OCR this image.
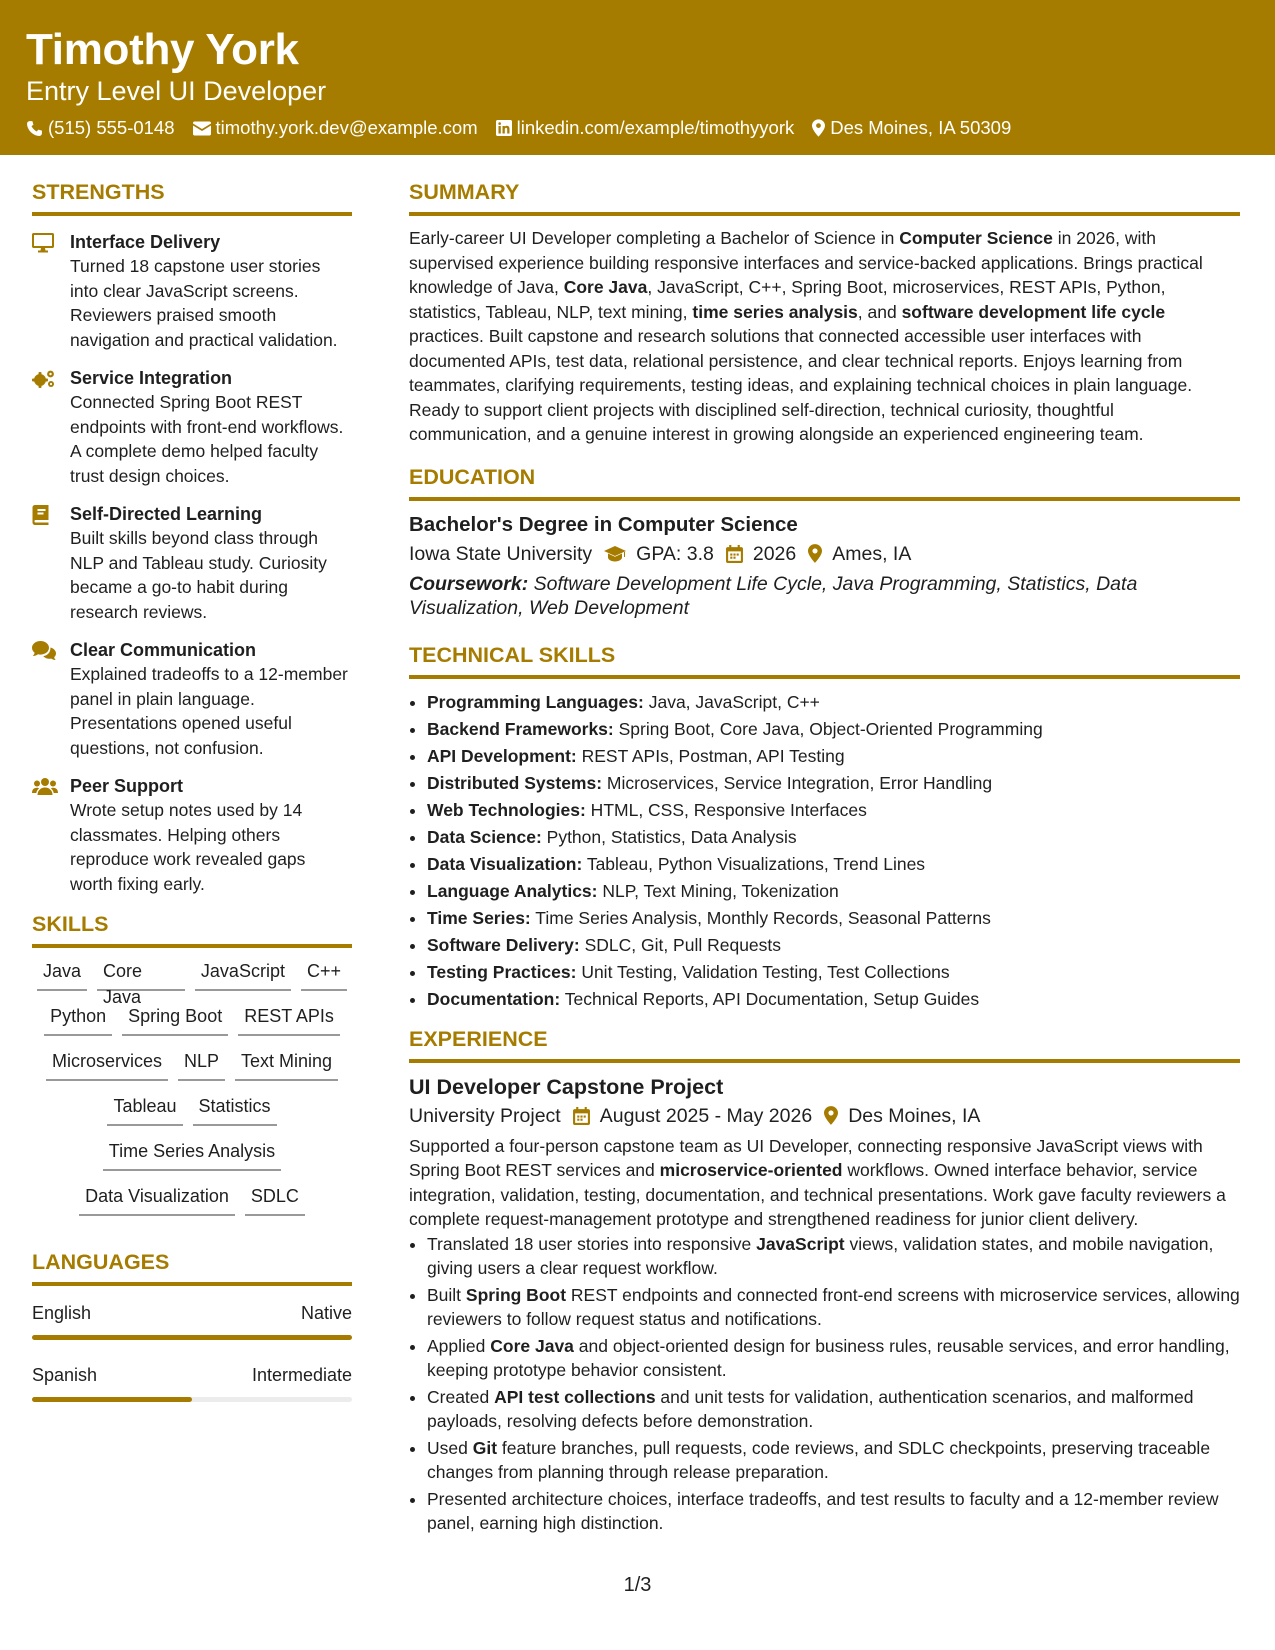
Timothy York
Entry Level UI Developer
(515) 555-0148 timothy.york.dev@example.com linkedin.com/example/timothyyork Des Moines, IA 50309
STRENGTHS
Interface Delivery
Turned 18 capstone user stories into clear JavaScript screens. Reviewers praised smooth navigation and practical validation.
Service Integration
Connected Spring Boot REST endpoints with front-end workflows. A complete demo helped faculty trust design choices.
Self-Directed Learning
Built skills beyond class through NLP and Tableau study. Curiosity became a go-to habit during research reviews.
Clear Communication
Explained tradeoffs to a 12-member panel in plain language. Presentations opened useful questions, not confusion.
Peer Support
Wrote setup notes used by 14 classmates. Helping others reproduce work revealed gaps worth fixing early.
SKILLS
Java	Core Java
JavaScript	C++
Python	Spring Boot	REST APIs
Microservices	NLP	Text Mining
Tableau	Statistics
Time Series Analysis
Data Visualization	SDLC
LANGUAGES
English	Native
Spanish	Intermediate
SUMMARY

Early-career UI Developer completing a Bachelor of Science in Computer Science in 2026, with supervised experience building responsive interfaces and service-backed applications. Brings practical knowledge of Java, Core Java, JavaScript, C++, Spring Boot, microservices, REST APIs, Python, statistics, Tableau, NLP, text mining, time series analysis, and software development life cycle practices. Built capstone and research solutions that connected accessible user interfaces with documented APIs, test data, relational persistence, and clear technical reports. Enjoys learning from teammates, clarifying requirements, testing ideas, and explaining technical choices in plain language. Ready to support client projects with disciplined self-direction, technical curiosity, thoughtful communication, and a genuine interest in growing alongside an experienced engineering team.

EDUCATION
Bachelor's Degree in Computer Science
Iowa State University GPA: 3.8 2026 Ames, IA
Coursework: Software Development Life Cycle, Java Programming, Statistics, Data Visualization, Web Development
TECHNICAL SKILLS
• Programming Languages: Java, JavaScript, C++
• Backend Frameworks: Spring Boot, Core Java, Object-Oriented Programming
• API Development: REST APIs, Postman, API Testing
• Distributed Systems: Microservices, Service Integration, Error Handling
• Web Technologies: HTML, CSS, Responsive Interfaces
• Data Science: Python, Statistics, Data Analysis
• Data Visualization: Tableau, Python Visualizations, Trend Lines
• Language Analytics: NLP, Text Mining, Tokenization
• Time Series: Time Series Analysis, Monthly Records, Seasonal Patterns
• Software Delivery: SDLC, Git, Pull Requests
• Testing Practices: Unit Testing, Validation Testing, Test Collections
• Documentation: Technical Reports, API Documentation, Setup Guides
EXPERIENCE
UI Developer Capstone Project
University Project August 2025 - May 2026 Des Moines, IA

Supported a four-person capstone team as UI Developer, connecting responsive JavaScript views with Spring Boot REST services and microservice-oriented workflows. Owned interface behavior, service integration, validation, testing, documentation, and technical presentations. Work gave faculty reviewers a complete request-management prototype and strengthened readiness for junior client delivery.

• Translated 18 user stories into responsive JavaScript views, validation states, and mobile navigation, giving users a clear request workflow.
• Built Spring Boot REST endpoints and connected front-end screens with microservice services, allowing reviewers to follow request status and notifications.
• Applied Core Java and object-oriented design for business rules, reusable services, and error handling, keeping prototype behavior consistent.
• Created API test collections and unit tests for validation, authentication scenarios, and malformed payloads, resolving defects before demonstration.
• Used Git feature branches, pull requests, code reviews, and SDLC checkpoints, preserving traceable changes from planning through release preparation.
• Presented architecture choices, interface tradeoffs, and test results to faculty and a 12-member review panel, earning high distinction.
1/3
